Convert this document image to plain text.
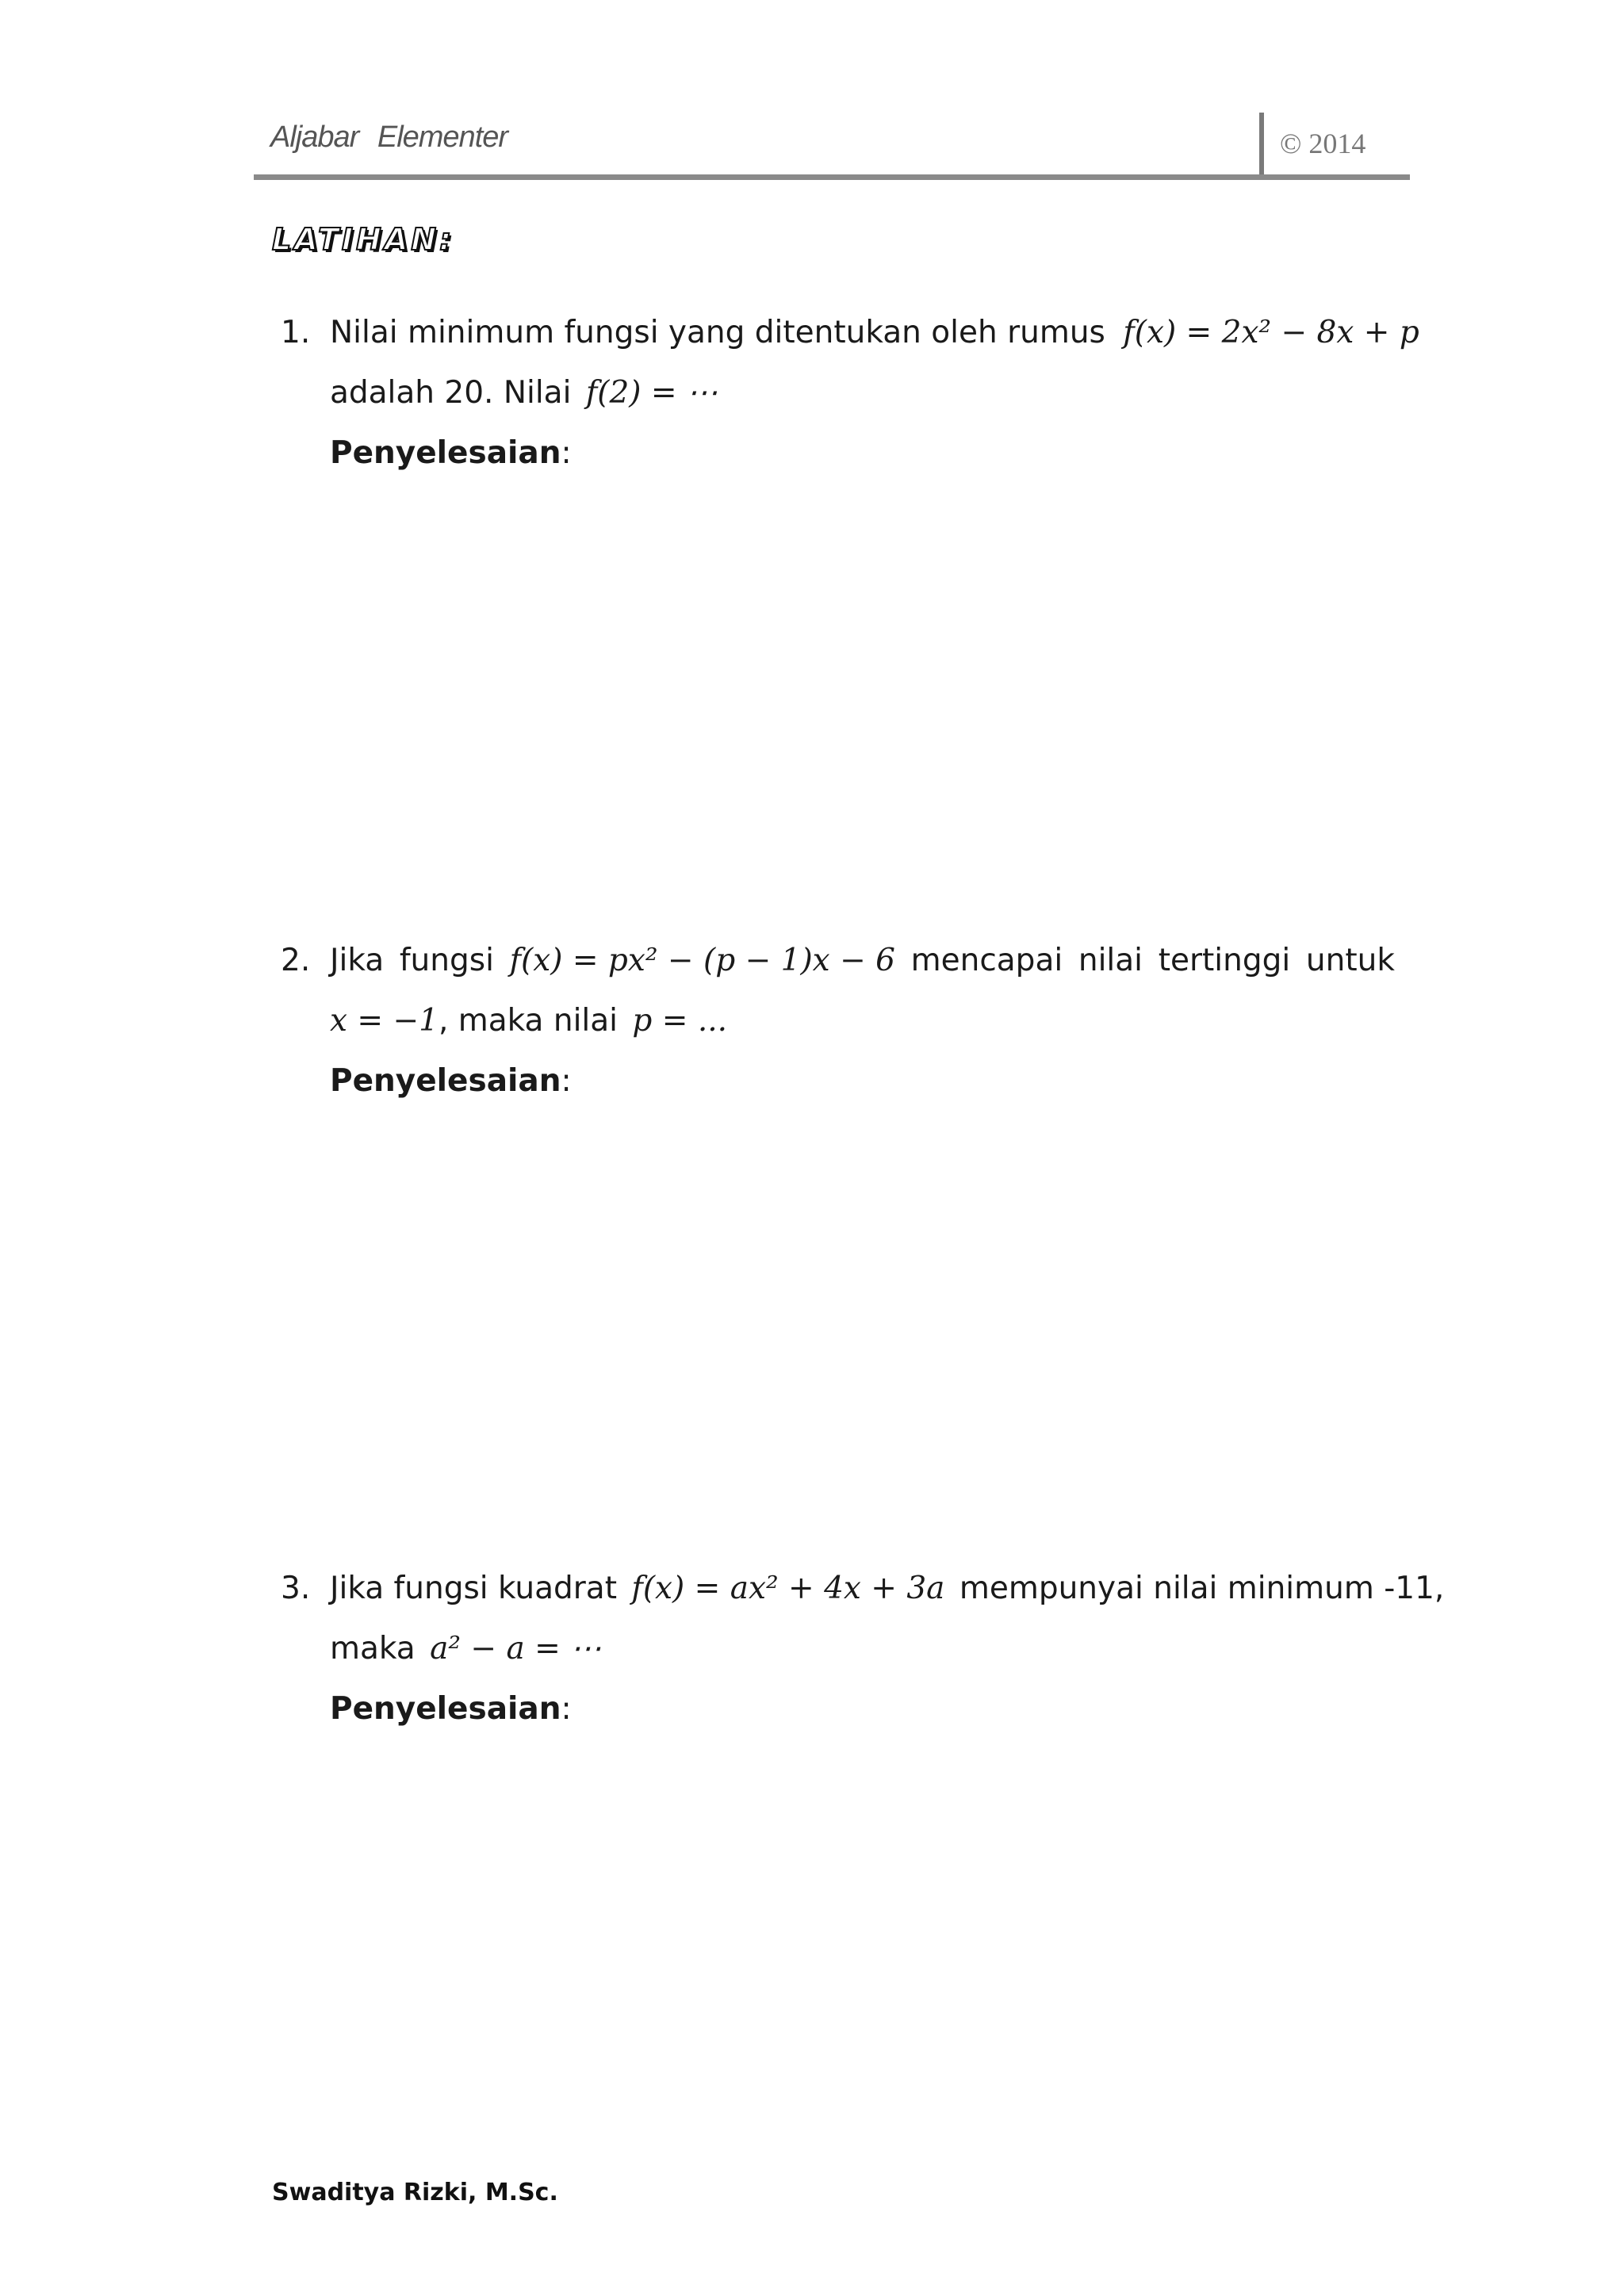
Aljabar Elementer	© 2014
LATIHAN:
1. Nilai minimum fungsi yang ditentukan oleh rumus f(x) = 2x² − 8x + p
adalah 20. Nilai f(2) = ⋯
Penyelesaian:
2. Jika fungsi f(x) = px² − (p − 1)x − 6 mencapai nilai tertinggi untuk
x = −1, maka nilai p = ...
Penyelesaian:
3. Jika fungsi kuadrat f(x) = ax² + 4x + 3a mempunyai nilai minimum -11,
maka a² − a = ⋯
Penyelesaian:
Swaditya Rizki, M.Sc.
